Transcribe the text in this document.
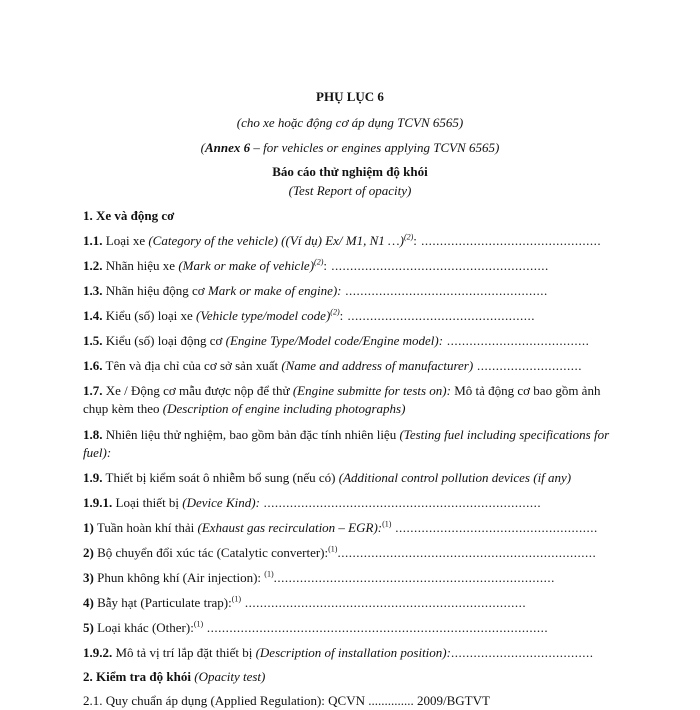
PHỤ LỤC 6
(cho xe hoặc động cơ áp dụng TCVN 6565)
(Annex 6 – for vehicles or engines applying TCVN 6565)
Báo cáo thử nghiệm độ khói
(Test Report of opacity)
1. Xe và động cơ
1.1. Loại xe (Category of the vehicle) ((Ví dụ) Ex/ M1, N1 …)$^{(2)}$: ................................................
1.2. Nhãn hiệu xe (Mark or make of vehicle)$^{(2)}$: ..........................................................
1.3. Nhãn hiệu động cơ Mark or make of engine): ......................................................
1.4. Kiểu (số) loại xe (Vehicle type/model code)$^{(2)}$: ..................................................
1.5. Kiểu (số) loại động cơ (Engine Type/Model code/Engine model): ......................................
1.6. Tên và địa chỉ của cơ sở sản xuất (Name and address of manufacturer) ............................
1.7. Xe / Động cơ mẫu được nộp để thử (Engine submitte for tests on): Mô tả động cơ bao gồm ảnh chụp kèm theo (Description of engine including photographs)
1.8. Nhiên liệu thử nghiệm, bao gồm bản đặc tính nhiên liệu (Testing fuel including specifications for fuel):
1.9. Thiết bị kiểm soát ô nhiễm bổ sung (nếu có) (Additional control pollution devices (if any)
1.9.1. Loại thiết bị (Device Kind): ..........................................................................
1) Tuần hoàn khí thải (Exhaust gas recirculation – EGR):$^{(1)}$ ......................................................
2) Bộ chuyển đổi xúc tác (Catalytic converter):$^{(1)}$.....................................................................
3) Phun không khí (Air injection): $^{(1)}$...........................................................................
4) Bẫy hạt (Particulate trap):$^{(1)}$ ...........................................................................
5) Loại khác (Other):$^{(1)}$ ...........................................................................................
1.9.2. Mô tả vị trí lắp đặt thiết bị (Description of installation position):......................................
2. Kiểm tra độ khói (Opacity test)
2.1. Quy chuẩn áp dụng (Applied Regulation): QCVN .............. 2009/BGTVT
